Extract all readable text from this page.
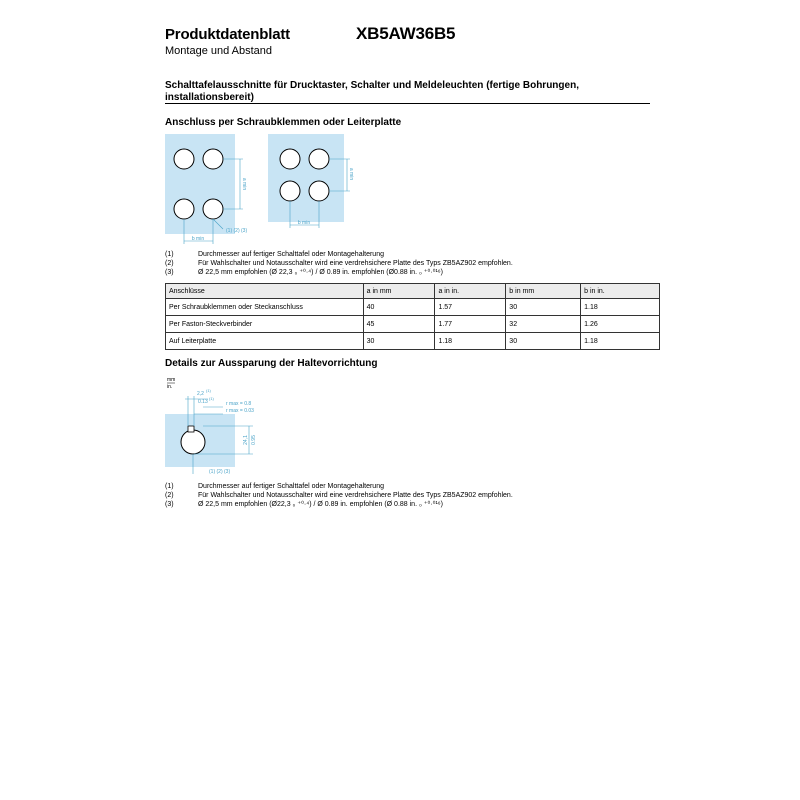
Produktdatenblatt
Montage und Abstand
XB5AW36B5
Schalttafelausschnitte für Drucktaster, Schalter und Meldeleuchten (fertige Bohrungen, installationsbereit)
Anschluss per Schraubklemmen oder Leiterplatte
a min
b min
(1) (2) (3)
a min
b min
(1)	Durchmesser auf fertiger Schalttafel oder Montagehalterung
(2)	Für Wahlschalter und Notausschalter wird eine verdrehsichere Platte des Typs ZB5AZ902 empfohlen.
(3)	Ø 22,5 mm empfohlen (Ø 22,3 ₀ ⁺⁰·⁴) / Ø 0.89 in. empfohlen (Ø0.88 in. ₀ ⁺⁰·⁰¹⁶)
Anschlüsse	a in mm	a in in.	b in mm	b in in.
Per Schraubklemmen oder Steckanschluss	40	1.57	30	1.18
Per Faston-Steckverbinder	45	1.77	32	1.26
Auf Leiterplatte	30	1.18	30	1.18
Details zur Aussparung der Haltevorrichtung
mm
in.
2,2
(1)
0.13
(1)
r max = 0.8
r max = 0.03
24,1 0.95
(1) (2) (3)
(1)	Durchmesser auf fertiger Schalttafel oder Montagehalterung
(2)	Für Wahlschalter und Notausschalter wird eine verdrehsichere Platte des Typs ZB5AZ902 empfohlen.
(3)	Ø 22,5 mm empfohlen (Ø22,3 ₀ ⁺⁰·⁴) / Ø 0.89 in. empfohlen (Ø 0.88 in. ₀ ⁺⁰·⁰¹⁶)
